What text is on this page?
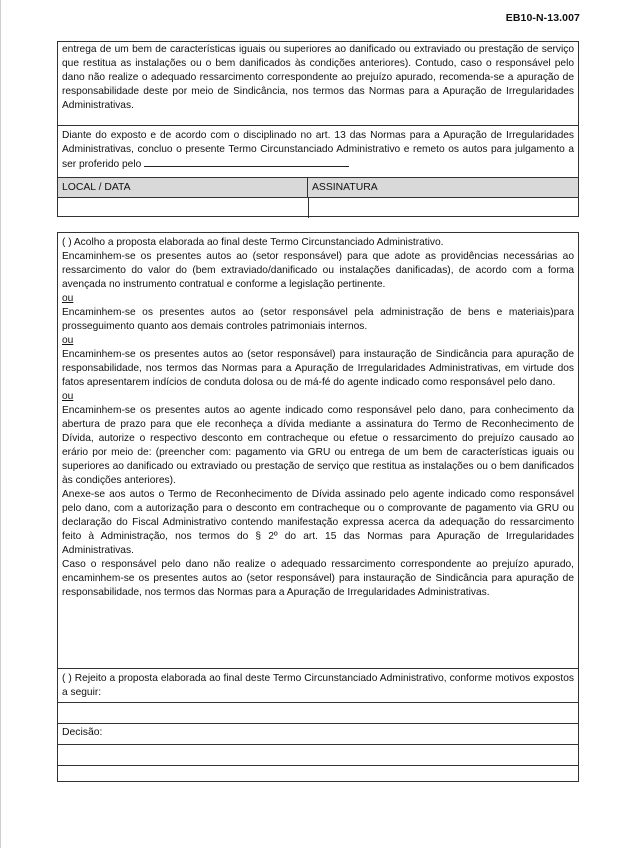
EB10-N-13.007

entrega de um bem de características iguais ou superiores ao danificado ou extraviado ou prestação de serviço que restitua as instalações ou o bem danificados às condições anteriores). Contudo, caso o responsável pelo dano não realize o adequado ressarcimento correspondente ao prejuízo apurado, recomenda-se a apuração de responsabilidade deste por meio de Sindicância, nos termos das Normas para a Apuração de Irregularidades Administrativas.

Diante do exposto e de acordo com o disciplinado no art. 13 das Normas para a Apuração de Irregularidades Administrativas, concluo o presente Termo Circunstanciado Administrativo e remeto os autos para julgamento a ser proferido pelo

LOCAL / DATA	ASSINATURA

( ) Acolho a proposta elaborada ao final deste Termo Circunstanciado Administrativo.

Encaminhem-se os presentes autos ao (setor responsável) para que adote as providências necessárias ao ressarcimento do valor do (bem extraviado/danificado ou instalações danificadas), de acordo com a forma avençada no instrumento contratual e conforme a legislação pertinente.

ou

Encaminhem-se os presentes autos ao (setor responsável pela administração de bens e materiais)para prosseguimento quanto aos demais controles patrimoniais internos.

ou

Encaminhem-se os presentes autos ao (setor responsável) para instauração de Sindicância para apuração de responsabilidade, nos termos das Normas para a Apuração de Irregularidades Administrativas, em virtude dos fatos apresentarem indícios de conduta dolosa ou de má-fé do agente indicado como responsável pelo dano.

ou

Encaminhem-se os presentes autos ao agente indicado como responsável pelo dano, para conhecimento da abertura de prazo para que ele reconheça a dívida mediante a assinatura do Termo de Reconhecimento de Dívida, autorize o respectivo desconto em contracheque ou efetue o ressarcimento do prejuízo causado ao erário por meio de: (preencher com: pagamento via GRU ou entrega de um bem de características iguais ou superiores ao danificado ou extraviado ou prestação de serviço que restitua as instalações ou o bem danificados às condições anteriores).

Anexe-se aos autos o Termo de Reconhecimento de Dívida assinado pelo agente indicado como responsável pelo dano, com a autorização para o desconto em contracheque ou o comprovante de pagamento via GRU ou declaração do Fiscal Administrativo contendo manifestação expressa acerca da adequação do ressarcimento feito à Administração, nos termos do § 2º do art. 15 das Normas para Apuração de Irregularidades Administrativas.

Caso o responsável pelo dano não realize o adequado ressarcimento correspondente ao prejuízo apurado, encaminhem-se os presentes autos ao (setor responsável) para instauração de Sindicância para apuração de responsabilidade, nos termos das Normas para a Apuração de Irregularidades Administrativas.

( ) Rejeito a proposta elaborada ao final deste Termo Circunstanciado Administrativo, conforme motivos expostos a seguir:

Decisão:
